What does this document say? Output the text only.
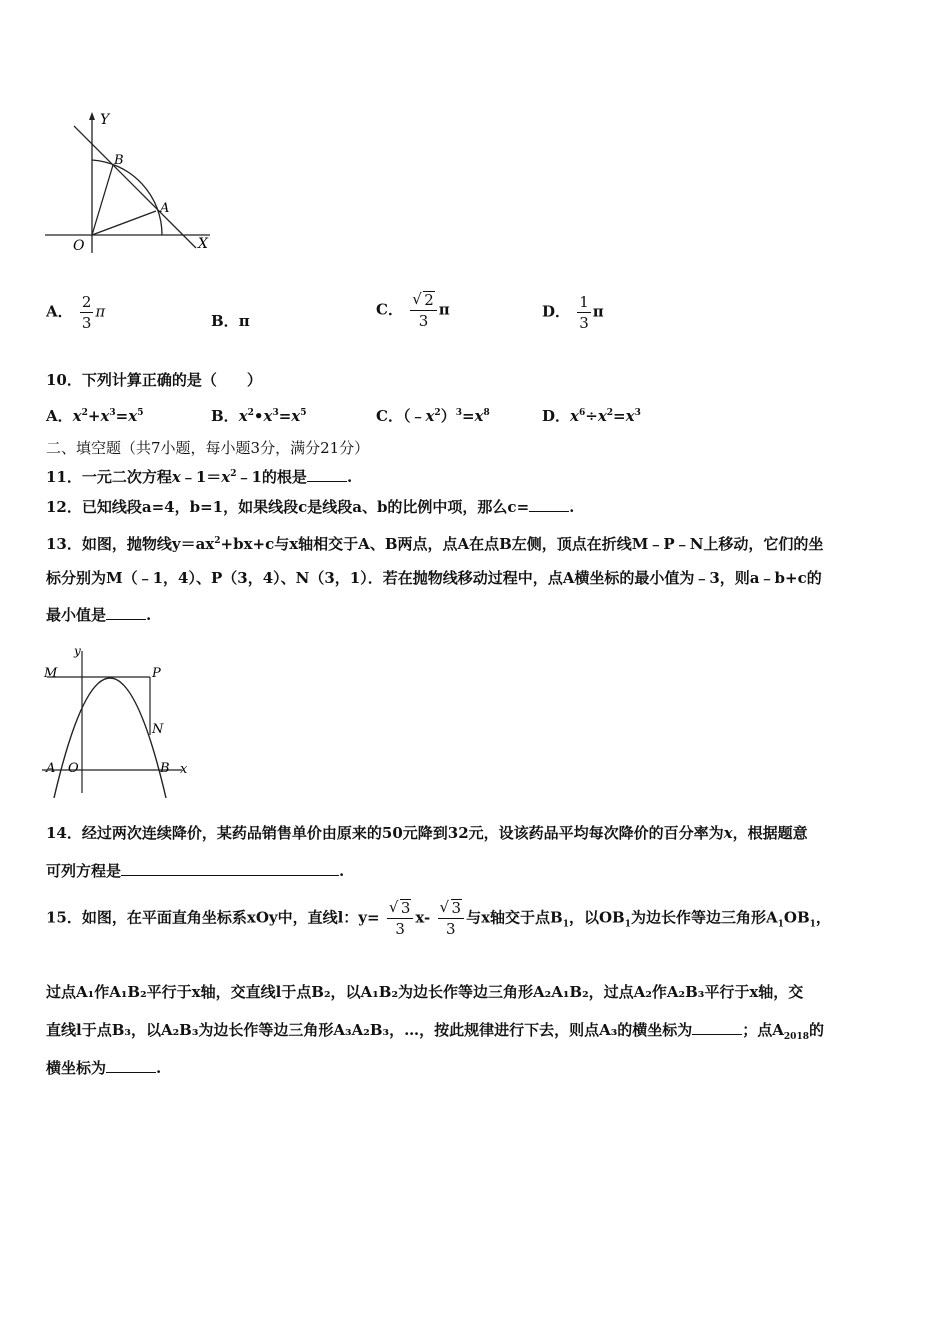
Y
X
O
A
B
A． $\frac{2}{3}$ π
B．π
C． $\frac{√ 2}{3}$ π	D． $\frac{1}{3}$ π
10．下列计算正确的是（　　）
A．$x^2+x^3=x^5$	B．$x^2•x^3=x^5$	C．$(﹣x^2)^3=x^8$	D．$x^6\div x^2=x^3$
二、填空题（共7小题，每小题3分，满分21分）
11．一元二次方程$x﹣1=x^2﹣1$的根是	.
12．已知线段a=4，b=1，如果线段c是线段a、b的比例中项，那么c=	.
13．如图，抛物线$y=ax^2+bx+c$与x轴相交于A、B两点，点A在点B左侧，顶点在折线M﹣P﹣N上移动，它们的坐
标分别为M（﹣1，4）、P（3，4）、N（3，1）．若在抛物线移动过程中，点A横坐标的最小值为﹣3，则a﹣b+c的
最小值是	.
y
x
M	P
N
A O	B
14．经过两次连续降价，某药品销售单价由原来的50元降到32元，设该药品平均每次降价的百分率为x，根据题意
可列方程是	.
15．如图，在平面直角坐标系xOy中，直线l：$y= \frac{√ 3}{3} x- \frac{√ 3}{3}$ 与x轴交于点$B_1$，以$OB_1$为边长作等边三角形$A_1OB_1$，
过点A₁作A₁B₂平行于x轴，交直线l于点B₂，以A₁B₂为边长作等边三角形A₂A₁B₂，过点A₂作A₂B₃平行于x轴，交
直线l于点B₃，以A₂B₃为边长作等边三角形A₃A₂B₃，…，按此规律进行下去，则点A₃的横坐标为	；点$A_{2018}$的
横坐标为	.
